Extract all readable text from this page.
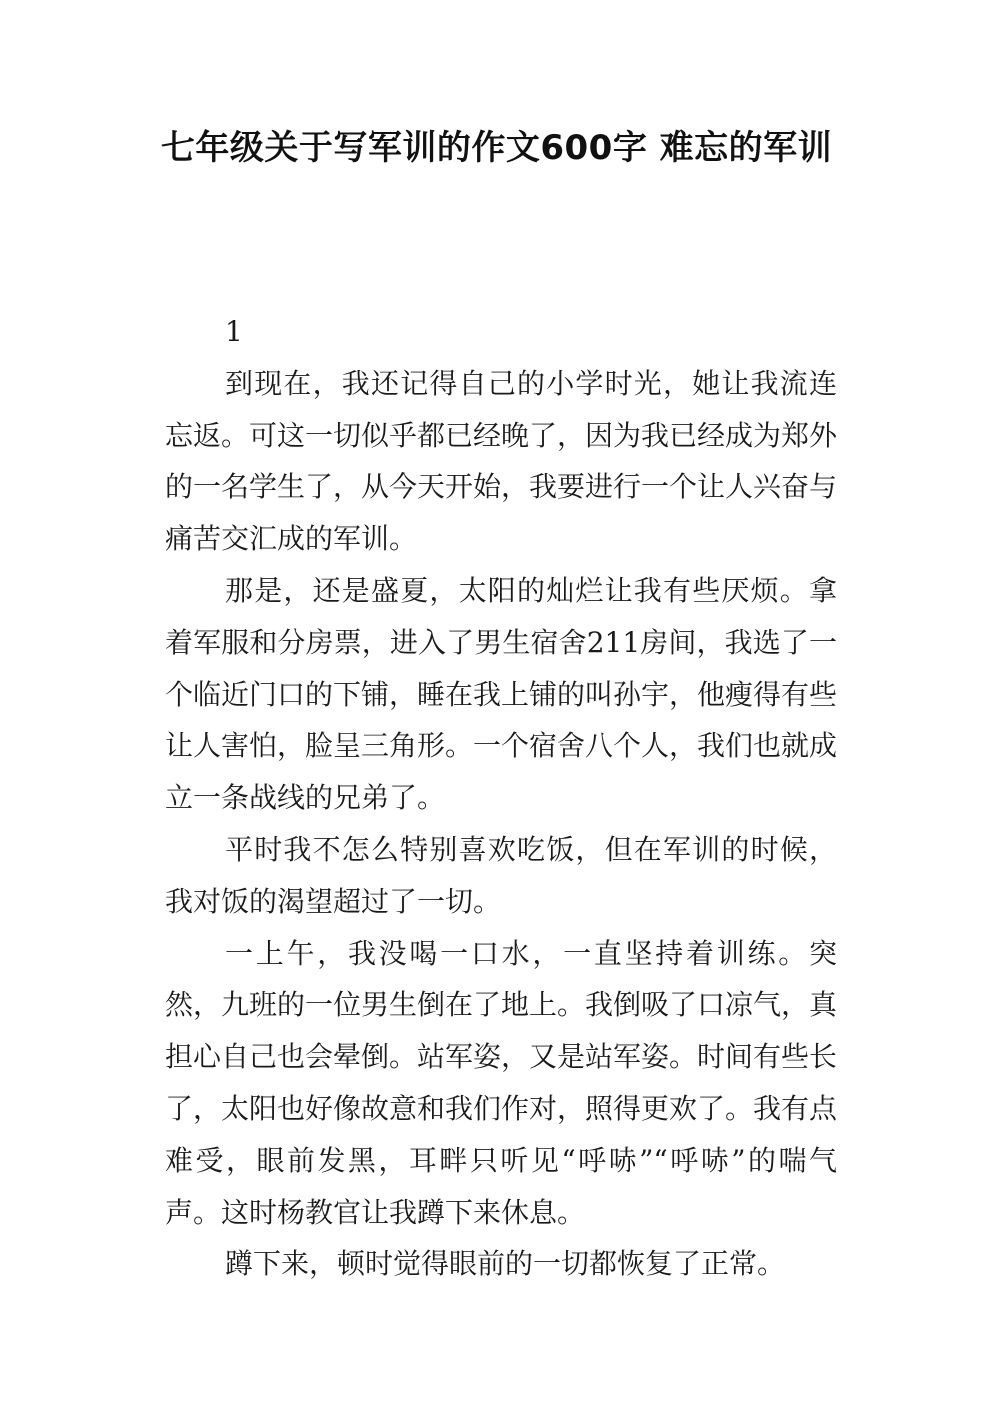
七年级关于写军训的作文600字 难忘的军训

1

到现在，我还记得自己的小学时光，她让我流连忘返。可这一切似乎都已经晚了，因为我已经成为郑外的一名学生了，从今天开始，我要进行一个让人兴奋与痛苦交汇成的军训。

那是，还是盛夏，太阳的灿烂让我有些厌烦。拿着军服和分房票，进入了男生宿舍211房间，我选了一个临近门口的下铺，睡在我上铺的叫孙宇，他瘦得有些让人害怕，脸呈三角形。一个宿舍八个人，我们也就成立一条战线的兄弟了。

平时我不怎么特别喜欢吃饭，但在军训的时候，我对饭的渴望超过了一切。

一上午，我没喝一口水，一直坚持着训练。突然，九班的一位男生倒在了地上。我倒吸了口凉气，真担心自己也会晕倒。站军姿，又是站军姿。时间有些长了，太阳也好像故意和我们作对，照得更欢了。我有点难受，眼前发黑，耳畔只听见“呼哧”“呼哧”的喘气声。这时杨教官让我蹲下来休息。

蹲下来，顿时觉得眼前的一切都恢复了正常。
